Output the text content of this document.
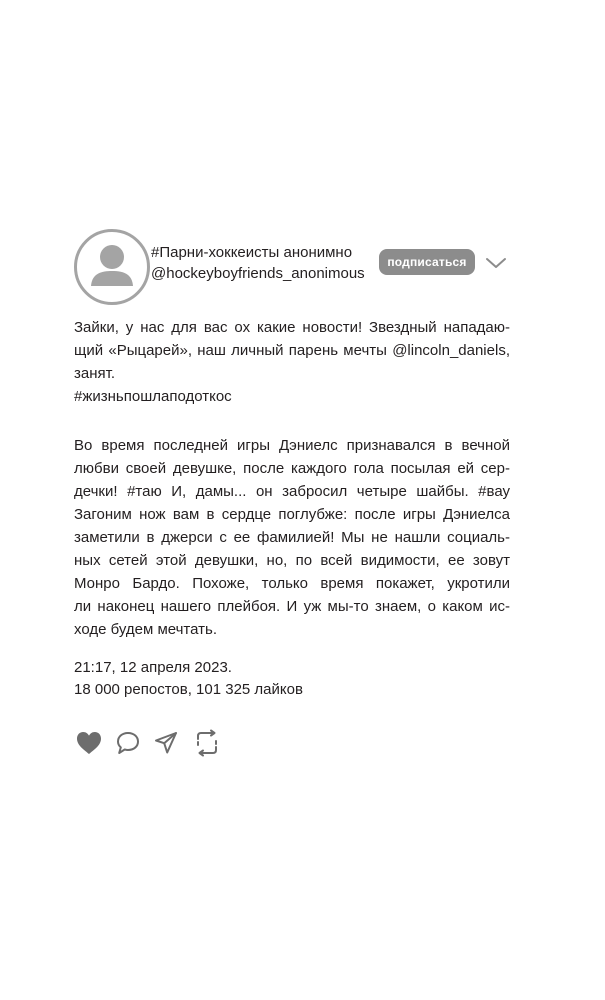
#Парни-хоккеисты анонимно
@hockeyboyfriends_anonimous
подписаться
Зайки, у нас для вас ох какие новости! Звездный нападаю-
щий «Рыцарей», наш личный парень мечты @lincoln_daniels,
занят.
#жизньпошлаподоткос
Во время последней игры Дэниелс признавался в вечной
любви своей девушке, после каждого гола посылая ей сер-
дечки! #таю И, дамы... он забросил четыре шайбы. #вау
Загоним нож вам в сердце поглубже: после игры Дэниелса
заметили в джерси с ее фамилией! Мы не нашли социаль-
ных сетей этой девушки, но, по всей видимости, ее зовут
Монро Бардо. Похоже, только время покажет, укротили
ли наконец нашего плейбоя. И уж мы-то знаем, о каком ис-
ходе будем мечтать.
21:17, 12 апреля 2023.
18 000 репостов, 101 325 лайков
